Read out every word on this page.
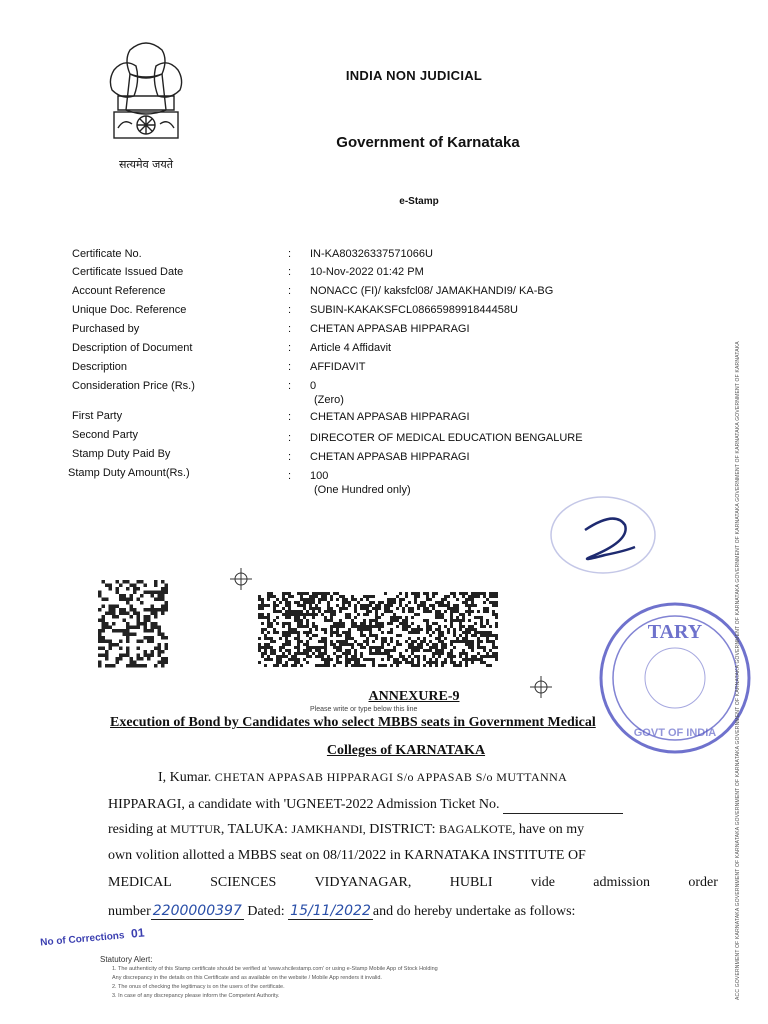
सत्यमेव जयते
INDIA NON JUDICIAL
Government of Karnataka
e-Stamp
Certificate No.	: IN-KA80326337571066U
Certificate Issued Date	: 10-Nov-2022 01:42 PM
Account Reference	: NONACC (FI)/ kaksfcl08/ JAMAKHANDI9/ KA-BG
Unique Doc. Reference	: SUBIN-KAKAKSFCL0866598991844458U
Purchased by	: CHETAN APPASAB HIPPARAGI
Description of Document	: Article 4 Affidavit
Description	: AFFIDAVIT
Consideration Price (Rs.)	: 0
(Zero)
First Party	: CHETAN APPASAB HIPPARAGI
Second Party	: DIRECOTER OF MEDICAL EDUCATION BENGALURE
Stamp Duty Paid By	: CHETAN APPASAB HIPPARAGI
Stamp Duty Amount(Rs.)	: 100
(One Hundred only)
TARY
GOVT OF INDIA
ANNEXURE-9
Please write or type below this line
Execution of Bond by Candidates who select MBBS seats in Government Medical
Colleges of KARNATAKA
I, Kumar. CHETAN APPASAB HIPPARAGI S/o APPASAB S/o MUTTANNA
HIPPARAGI, a candidate with 'UGNEET-2022 Admission Ticket No.
residing at MUTTUR, TALUKA: JAMKHANDI, DISTRICT: BAGALKOTE, have on my
own volition allotted a MBBS seat on 08/11/2022 in KARNATAKA INSTITUTE OF
MEDICAL	SCIENCES	VIDYANAGAR,	HUBLI	vide	admission	order
number 2200000397 Dated: 15/11/2022 and do hereby undertake as follows:
No of Corrections 01
Statutory Alert:
1. The authenticity of this Stamp certificate should be verified at 'www.shcilestamp.com' or using e-Stamp Mobile App of Stock Holding
Any discrepancy in the details on this Certificate and as available on the website / Mobile App renders it invalid.
2. The onus of checking the legitimacy is on the users of the certificate.
3. In case of any discrepancy please inform the Competent Authority.	ACC GOVERNMENT OF KARNATAKA GOVERNMENT OF KARNATAKA GOVERNMENT OF KARNATAKA GOVERNMENT OF KARNATAKA GOVERNMENT OF KARNATAKA GOVERNMENT OF KARNATAKA GOVERNMENT OF KARNATAKA GOVERNMENT OF KARNATAKA
